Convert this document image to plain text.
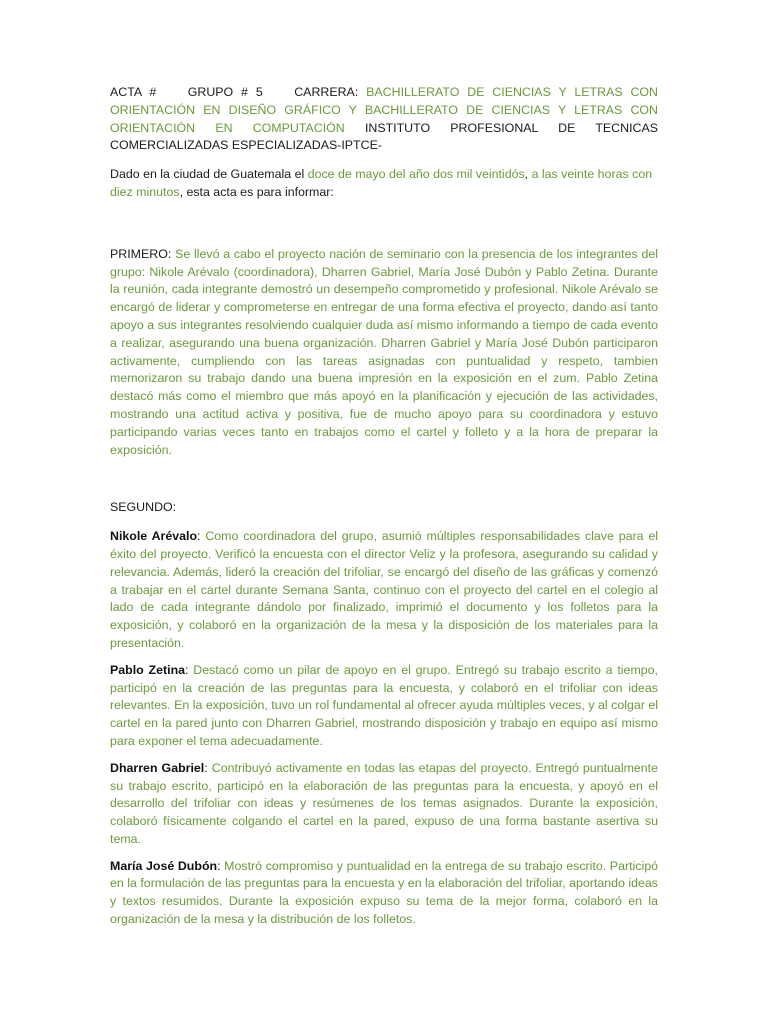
ACTA #	GRUPO # 5	CARRERA: BACHILLERATO DE CIENCIAS Y LETRAS CON ORIENTACIÓN EN DISEÑO GRÁFICO Y BACHILLERATO DE CIENCIAS Y LETRAS CON ORIENTACIÓN EN COMPUTACIÓN INSTITUTO PROFESIONAL DE TECNICAS COMERCIALIZADAS ESPECIALIZADAS-IPTCE-

Dado en la ciudad de Guatemala el doce de mayo del año dos mil veintidós, a las veinte horas con diez minutos, esta acta es para informar:

PRIMERO: Se llevó a cabo el proyecto nación de seminario con la presencia de los integrantes del grupo: Nikole Arévalo (coordinadora), Dharren Gabriel, María José Dubón y Pablo Zetina. Durante la reunión, cada integrante demostró un desempeño comprometido y profesional. Nikole Arévalo se encargó de liderar y comprometerse en entregar de una forma efectiva el proyecto, dando así tanto apoyo a sus integrantes resolviendo cualquier duda así mismo informando a tiempo de cada evento a realizar, asegurando una buena organización. Dharren Gabriel y María José Dubón participaron activamente, cumpliendo con las tareas asignadas con puntualidad y respeto, tambien memorizaron su trabajo dando una buena impresión en la exposición en el zum. Pablo Zetina destacó más como el miembro que más apoyó en la planificación y ejecución de las actividades, mostrando una actitud activa y positiva, fue de mucho apoyo para su coordinadora y estuvo participando varias veces tanto en trabajos como el cartel y folleto y a la hora de preparar la exposición.

SEGUNDO:

Nikole Arévalo: Como coordinadora del grupo, asumió múltiples responsabilidades clave para el éxito del proyecto. Verificó la encuesta con el director Veliz y la profesora, asegurando su calidad y relevancia. Además, lideró la creación del trifoliar, se encargó del diseño de las gráficas y comenzó a trabajar en el cartel durante Semana Santa, continuo con el proyecto del cartel en el colegio al lado de cada integrante dándolo por finalizado, imprimió el documento y los folletos para la exposición, y colaboró en la organización de la mesa y la disposición de los materiales para la presentación.

Pablo Zetina: Destacó como un pilar de apoyo en el grupo. Entregó su trabajo escrito a tiempo, participó en la creación de las preguntas para la encuesta, y colaboró en el trifoliar con ideas relevantes. En la exposición, tuvo un rol fundamental al ofrecer ayuda múltiples veces, y al colgar el cartel en la pared junto con Dharren Gabriel, mostrando disposición y trabajo en equipo así mismo para exponer el tema adecuadamente.

Dharren Gabriel: Contribuyó activamente en todas las etapas del proyecto. Entregó puntualmente su trabajo escrito, participó en la elaboración de las preguntas para la encuesta, y apoyó en el desarrollo del trifoliar con ideas y resúmenes de los temas asignados. Durante la exposición, colaboró físicamente colgando el cartel en la pared, expuso de una forma bastante asertiva su tema.

María José Dubón: Mostró compromiso y puntualidad en la entrega de su trabajo escrito. Participó en la formulación de las preguntas para la encuesta y en la elaboración del trifoliar, aportando ideas y textos resumidos. Durante la exposición expuso su tema de la mejor forma, colaboró en la organización de la mesa y la distribución de los folletos.
